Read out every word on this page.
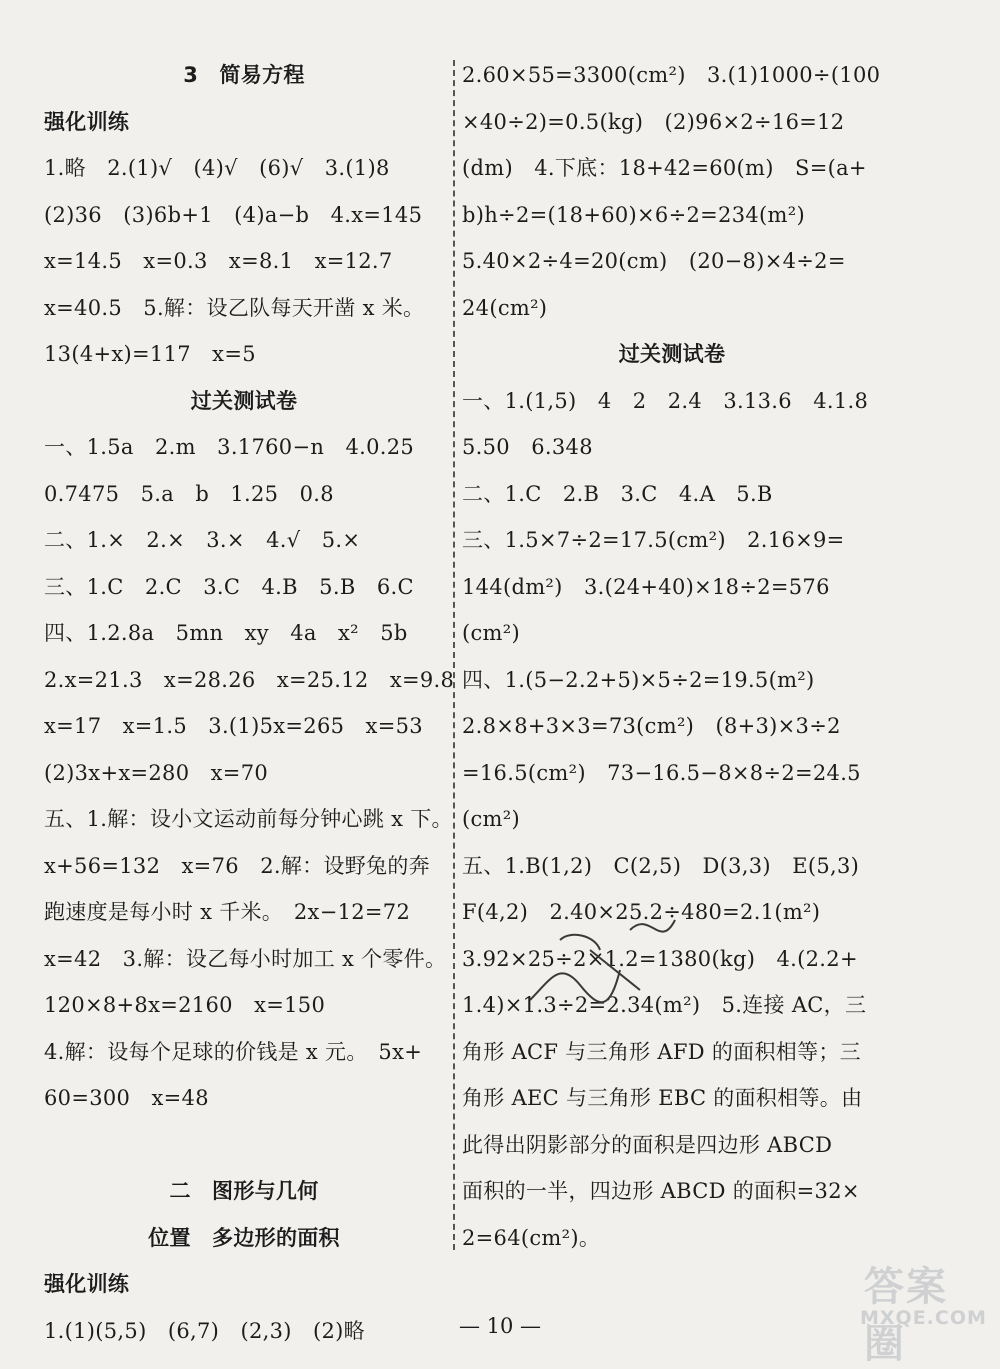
3　简易方程
强化训练
1.略　2.(1)√　(4)√　(6)√　3.(1)8
(2)36　(3)6b+1　(4)a−b　4.x=145
x=14.5　x=0.3　x=8.1　x=12.7
x=40.5　5.解：设乙队每天开凿 x 米。
13(4+x)=117　x=5
过关测试卷
一、1.5a　2.m　3.1760−n　4.0.25
0.7475　5.a　b　1.25　0.8
二、1.×　2.×　3.×　4.√　5.×
三、1.C　2.C　3.C　4.B　5.B　6.C
四、1.2.8a　5mn　xy　4a　x²　5b
2.x=21.3　x=28.26　x=25.12　x=9.8
x=17　x=1.5　3.(1)5x=265　x=53
(2)3x+x=280　x=70
五、1.解：设小文运动前每分钟心跳 x 下。
x+56=132　x=76　2.解：设野兔的奔
跑速度是每小时 x 千米。　2x−12=72
x=42　3.解：设乙每小时加工 x 个零件。
120×8+8x=2160　x=150
4.解：设每个足球的价钱是 x 元。　5x+
60=300　x=48
二　图形与几何
位置　多边形的面积
强化训练
1.(1)(5,5)　(6,7)　(2,3)　(2)略
2.60×55=3300(cm²)　3.(1)1000÷(100
×40÷2)=0.5(kg)　(2)96×2÷16=12
(dm)　4.下底：18+42=60(m)　S=(a+
b)h÷2=(18+60)×6÷2=234(m²)
5.40×2÷4=20(cm)　(20−8)×4÷2=
24(cm²)
过关测试卷
一、1.(1,5)　4　2　2.4　3.13.6　4.1.8
5.50　6.348
二、1.C　2.B　3.C　4.A　5.B
三、1.5×7÷2=17.5(cm²)　2.16×9=
144(dm²)　3.(24+40)×18÷2=576
(cm²)
四、1.(5−2.2+5)×5÷2=19.5(m²)
2.8×8+3×3=73(cm²)　(8+3)×3÷2
=16.5(cm²)　73−16.5−8×8÷2=24.5
(cm²)
五、1.B(1,2)　C(2,5)　D(3,3)　E(5,3)
F(4,2)　2.40×25.2÷480=2.1(m²)
3.92×25÷2×1.2=1380(kg)　4.(2.2+
1.4)×1.3÷2=2.34(m²)　5.连接 AC，三
角形 ACF 与三角形 AFD 的面积相等；三
角形 AEC 与三角形 EBC 的面积相等。由
此得出阴影部分的面积是四边形 ABCD
面积的一半，四边形 ABCD 的面积=32×
2=64(cm²)。
— 10 —
答案圈
MXQE.COM
